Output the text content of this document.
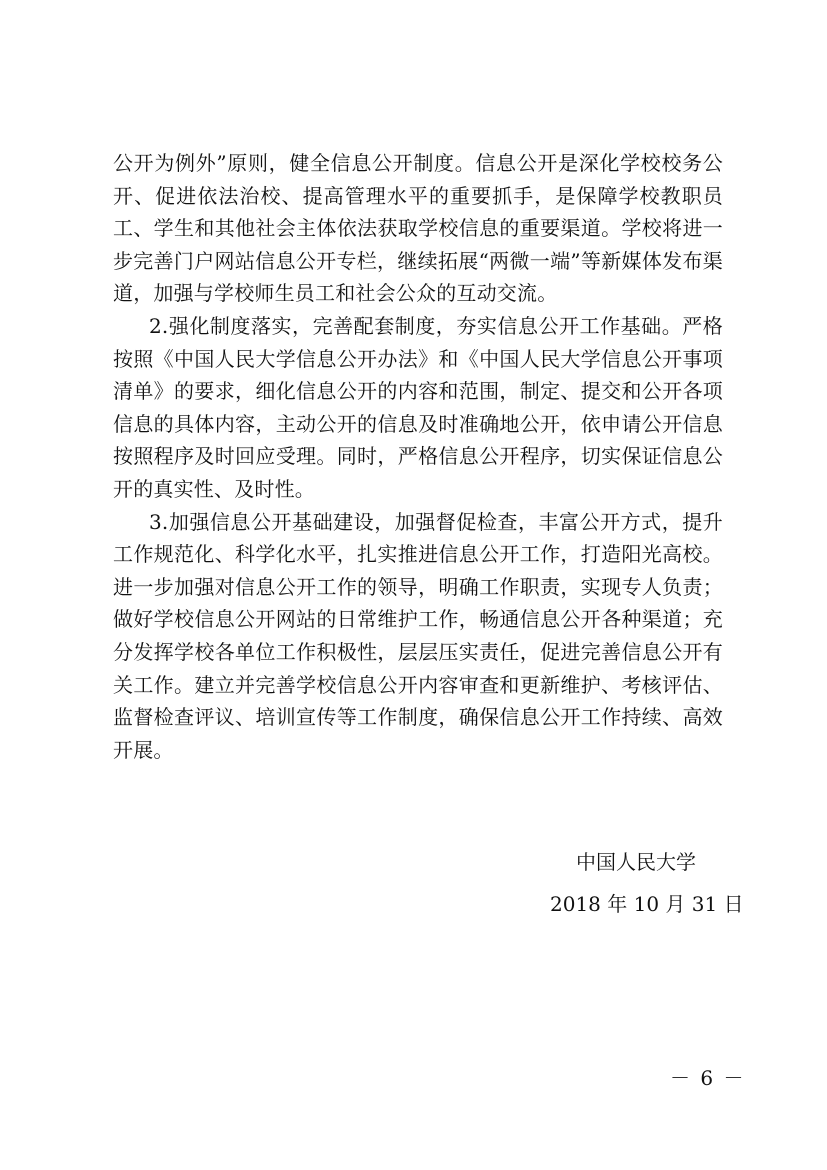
公开为例外”原则，健全信息公开制度。信息公开是深化学校校务公开、促进依法治校、提高管理水平的重要抓手，是保障学校教职员工、学生和其他社会主体依法获取学校信息的重要渠道。学校将进一步完善门户网站信息公开专栏，继续拓展“两微一端”等新媒体发布渠道，加强与学校师生员工和社会公众的互动交流。

2.强化制度落实，完善配套制度，夯实信息公开工作基础。严格按照《中国人民大学信息公开办法》和《中国人民大学信息公开事项清单》的要求，细化信息公开的内容和范围，制定、提交和公开各项信息的具体内容，主动公开的信息及时准确地公开，依申请公开信息按照程序及时回应受理。同时，严格信息公开程序，切实保证信息公开的真实性、及时性。

3.加强信息公开基础建设，加强督促检查，丰富公开方式，提升工作规范化、科学化水平，扎实推进信息公开工作，打造阳光高校。进一步加强对信息公开工作的领导，明确工作职责，实现专人负责；做好学校信息公开网站的日常维护工作，畅通信息公开各种渠道；充分发挥学校各单位工作积极性，层层压实责任，促进完善信息公开有关工作。建立并完善学校信息公开内容审查和更新维护、考核评估、监督检查评议、培训宣传等工作制度，确保信息公开工作持续、高效开展。

中国人民大学
2018 年 10 月 31 日
－ 6 －
